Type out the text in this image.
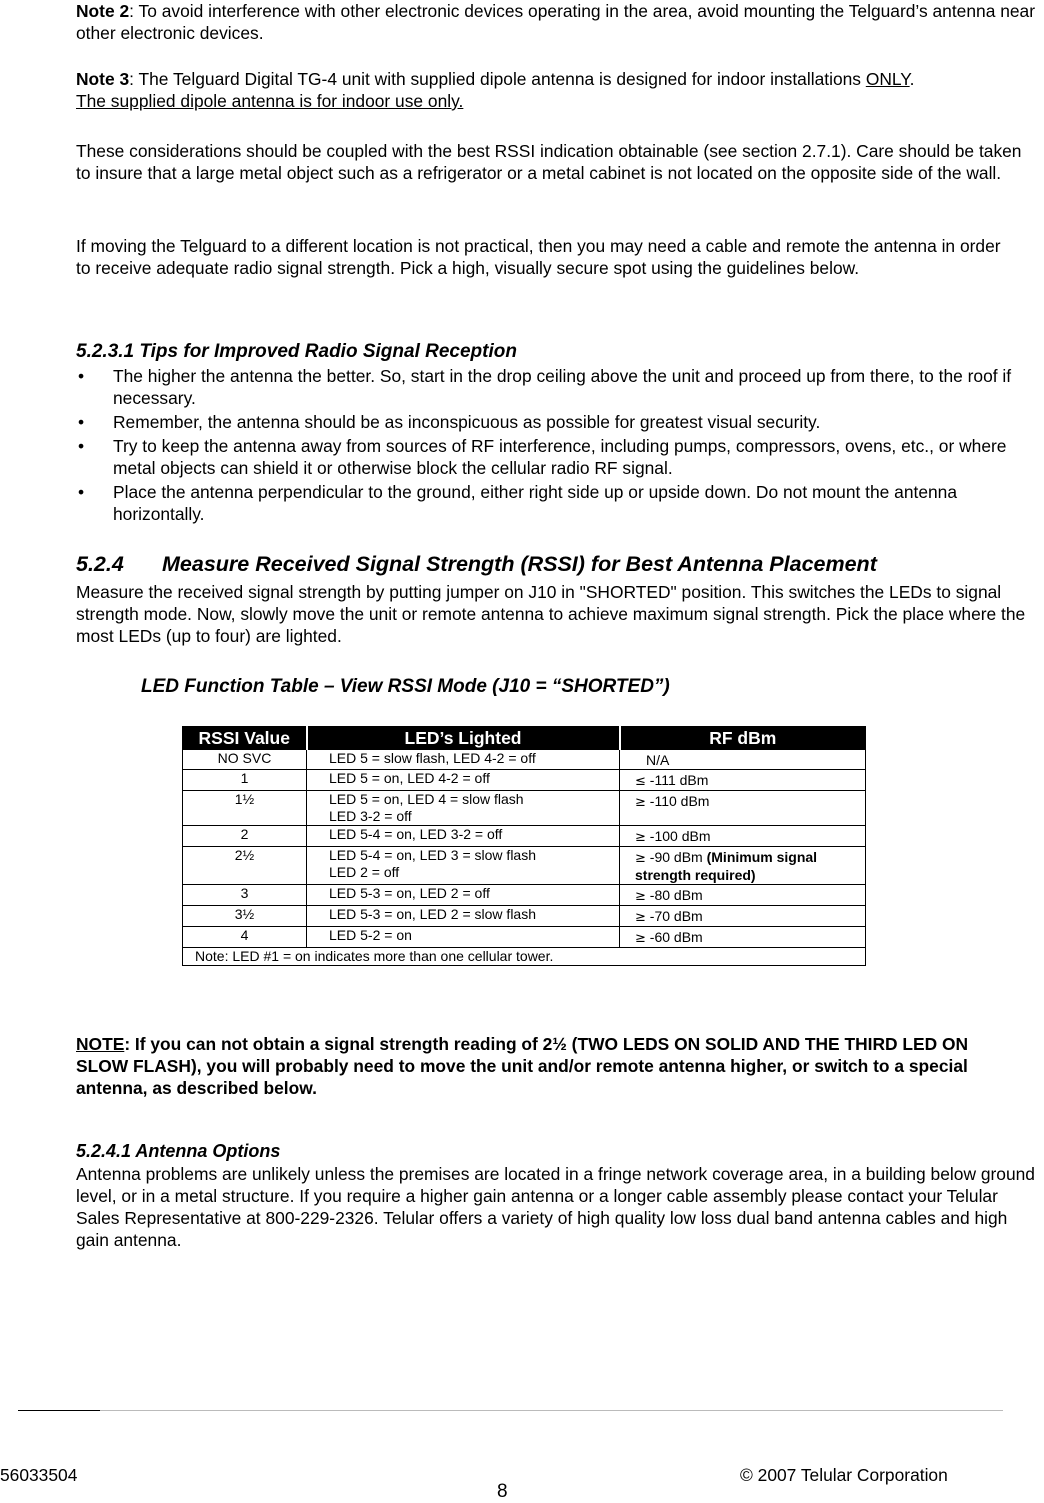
Note 2: To avoid interference with other electronic devices operating in the area, avoid mounting the Telguard’s antenna near other electronic devices.

Note 3: The Telguard Digital TG-4 unit with supplied dipole antenna is designed for indoor installations ONLY.

The supplied dipole antenna is for indoor use only.

These considerations should be coupled with the best RSSI indication obtainable (see section 2.7.1). Care should be taken to insure that a large metal object such as a refrigerator or a metal cabinet is not located on the opposite side of the wall.

If moving the Telguard to a different location is not practical, then you may need a cable and remote the antenna in order to receive adequate radio signal strength. Pick a high, visually secure spot using the guidelines below.

5.2.3.1 Tips for Improved Radio Signal Reception
• The higher the antenna the better. So, start in the drop ceiling above the unit and proceed up from there, to the roof if necessary.
• Remember, the antenna should be as inconspicuous as possible for greatest visual security.
• Try to keep the antenna away from sources of RF interference, including pumps, compressors, ovens, etc., or where metal objects can shield it or otherwise block the cellular radio RF signal.
• Place the antenna perpendicular to the ground, either right side up or upside down. Do not mount the antenna horizontally.
5.2.4 Measure Received Signal Strength (RSSI) for Best Antenna Placement

Measure the received signal strength by putting jumper on J10 in "SHORTED" position. This switches the LEDs to signal strength mode. Now, slowly move the unit or remote antenna to achieve maximum signal strength. Pick the place where the most LEDs (up to four) are lighted.

LED Function Table – View RSSI Mode (J10 = “SHORTED”)
RSSI Value	LED’s Lighted	RF dBm
NO SVC	LED 5 = slow flash, LED 4-2 = off	N/A
1	LED 5 = on, LED 4-2 = off	≤ -111 dBm
1½	LED 5 = on, LED 4 = slow flash
LED 3-2 = off	≥ -110 dBm
2	LED 5-4 = on, LED 3-2 = off	≥ -100 dBm
2½	LED 5-4 = on, LED 3 = slow flash
LED 2 = off	≥ -90 dBm (Minimum signal strength required)
3	LED 5-3 = on, LED 2 = off	≥ -80 dBm
3½	LED 5-3 = on, LED 2 = slow flash	≥ -70 dBm
4	LED 5-2 = on	≥ -60 dBm
Note: LED #1 = on indicates more than one cellular tower.		

NOTE: If you can not obtain a signal strength reading of 2½ (TWO LEDS ON SOLID AND THE THIRD LED ON SLOW FLASH), you will probably need to move the unit and/or remote antenna higher, or switch to a special antenna, as described below.

5.2.4.1 Antenna Options

Antenna problems are unlikely unless the premises are located in a fringe network coverage area, in a building below ground level, or in a metal structure. If you require a higher gain antenna or a longer cable assembly please contact your Telular Sales Representative at 800-229-2326. Telular offers a variety of high quality low loss dual band antenna cables and high gain antenna.

56033504
8
© 2007 Telular Corporation
